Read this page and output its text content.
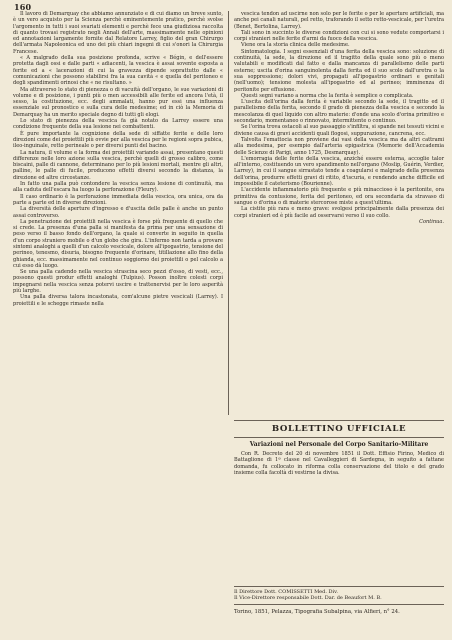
160

Il lavoro di Demarquay che abbiamo annunziato e di cui diamo un breve sunto, è un vero acquisto per la Scienza perchè eminentemente pratico, perchè svolse l'argomento in tutti i suoi svariati elementi e perchè fece una giudiziosa raccolta di quanto trovasi registrato negli Annali dell'arte, massimamente nelle opinioni ed annotazioni largamente fornite dal Relatore Larrey, figlio del gran Chirurgo dell'armata Napoleonica ed uno dei più chiari ingegni di cui s'onori la Chirurgia Francese.

« A malgrado della sua posizione profonda, scrive « Bégin, e dell'essere protetta dagli ossi e dalle parti « adiacenti, la vescica è assai sovente esposta a ferite ed a « lacerazioni di cui la gravezza dipende soprattutto dalle « comunicazioni che possono stabilirsi fra la sua cavità « e quella del peritoneo e degli spandimenti orinosi che « ne risultano. »

Ma attraverso lo stato di pienezza o di vacuità dell'organo, le sue variazioni di volume e di posizione, i punti più o men accessibili alle ferite ed ancora l'età, il sesso, la costituzione, ecc. degli ammalati, hanno pur essi una influenza essenziale sul pronostico e sulla cura delle medesime; ed in ciò la Memoria di Demarquay ha un merito speciale degno di tutti gli elogi.

Lo stato di pienezza della vescica fa già notato da Larrey essere una condizione frequente della sua lesione nei combattenti.

È pure importante la cognizione della sede di siffatte ferite e delle loro direzioni come dei proiettili più ovvie per alla vescica per le regioni sopra pubica, ileo-inguinale, retto perineale o per diversi punti del bacino.

La natura, il volume e la forma dei proiettili variando assai, presentano questi differenze nelle loro azione sulla vescica, perchè quelli di grosso calibro, come biscaini, palle di cannone, determinano per lo più lesioni mortali, mentre gli altri, palline, le palle di fucile, producono effetti diversi secondo la distanza, la direzione ed altre circostanze.

In fatto una palla può contondere la vescica senza lesione di continuità, ma alla caduta dell'escara ha luogo la perforazione (Fleury).

Il caso ordinario è la perforazione immediata della vescica, ora unica, ora da parte a parte ed in diverse direzioni.

La diversità delle aperture d'ingresso e d'uscita delle palle è anche un punto assai controverso.

La penetrazione dei proiettili nella vescica è forse più frequente di quello che si crede. La presenza d'una palla si manifesta da prima per una sensazione di peso verso il basso fondo dell'organo, la quale si converte in seguito in quella d'un corpo straniero mobile o d'un globo che gira. L'infermo non tarda a provare sintomi analoghi a quelli d'un calcolo vescicale, dolore all'ipogastrio, tensione del perineo, tenesmo, disuria, bisogno frequente d'orinare, titillazione allo fino della ghianda, ecc. massimamente nel continuo soggiorno dei proiettili o pel calcolo a cui esso dà luogo.

Se una palla cadendo nella vescica strascina seco pezzi d'osso, di vesti, ecc., possono questi produr effetti analoghi (Tulpius). Posson inoltre colesti corpi impegnarsi nella vescica senza potervi uscire e trattenervisi per le loro asperità più larghe.

Una palla diversa talora incastonata, com'alcune pietre vescicali (Larrey). I proiettili e le schegge rimaste nella

vescica tendon ad uscirne non solo per le ferite o per le aperture artificiali, ma anche pei canali naturali, pel retto, traforando il setto retto-vescicale, per l'uretra (Benet, Bertolina, Larrey).

Tali sono in succinto le diverse condizioni con cui si sono vedute comportarsi i corpi stranieri nelle ferite d'armi da fuoco della vescica.

Viene ora la storia clinica delle medesime.

Sintomatologia. I segni essenziali d'una ferita della vescica sono: soluzione di continuità, la sede, la direzione ed il tragitto della quale sono più o meno valutabili e modificati dal fatto e dalla mancanza di parallelismo delle parti esterne; uscita d'orina sanguinolenta dalla ferita ed il suo scolo dall'uretra o la sua soppressione; dolori vivi, propagati all'ipogastrio ordinari e genitali (nell'uomo); tensione molesta all'ipogastrio ed al perineo; imminenza di peritonite per effusione.

Questi segni variano a norma che la ferita è semplice o complicata.

L'uscita dell'orina dalla ferita è variabile secondo la sede, il tragitto ed il parallelismo della ferita, secondo il grado di pienezza della vescica e secondo la mescolanza di quel liquido con altro materie: d'onde una scolo d'orina primitivo e secondario, momentaneo o rinnovato, intermittente o continuo.

Se l'orina trova ostacoli al suo passaggio s'infiltra, si spande nei tessuti vicini e diviene causa di gravi accidenti quali flogosi, suppurazione, cancrena, ecc.

Talvolta l'emattocia non proviene dai vasi della vescica ma da altri cattrami alla medesima, per esempio dall'arteria epigastrica (Memorie dell'Accademia delle Scienze di Parigi, anno 1725, Desmarquay).

L'emorragia delle ferite della vescica, anziché essere esterna, accoglie talor all'interno, costituendo un vero spandimento nell'organo (Moslip, Guérin, Verdier, Larrey), in cui il sangue sirrastato tende a coagularsi e malgrado della presenza dell'orina, produrre effetti gravi di ritito, d'iscuria, e rendendo anche difficile ed impossibile il cateterismo (Bourienne).

L'accidente infiammatorio più frequente e più minaccioso è la peritonite, ora primitiva da contusione, ferita del peritoneo, ed ora secondaria da stravaso di sangue o d'orina o di materie stercorose miste a quest'ultima.

La cistite più rara e meno grave: svolgesi principalmente dalla presenza dei corpi stranieri ed è più facile ad osservarsi verso il suo collo.

Continua.

BOLLETTINO UFFICIALE
Variazioni nel Personale del Corpo Sanitario-Militare
Con R. Decreto del 20 di novembre 1851 il Dott. Effisio Firino, Medico di Battaglione di 1ª classe nel Cavalleggieri di Sardegna, in seguito a fattane domanda, fu collocato in riforma colla conservazione del titolo e del grado insieme colla facoltà di vestirne la divisa.
Il Direttore Dott. COMISSETTI Med. Div.
Il Vice-Direttore responsabile Dott. Dar. de Beaufort M. B.
Torino, 1851, Pelazza, Tipografia Subalpina, via Alfieri, n° 24.
